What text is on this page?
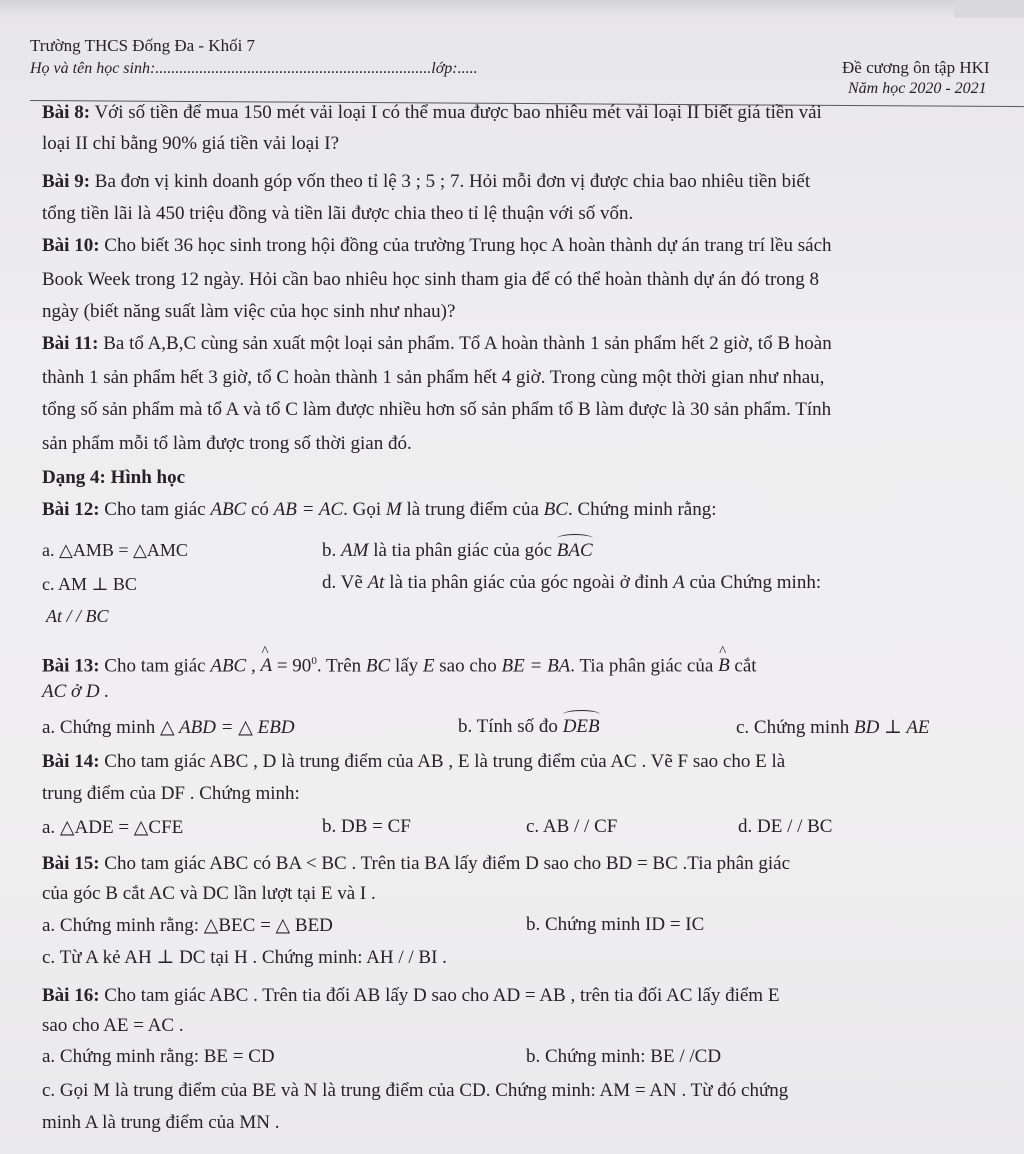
Trường THCS Đống Đa - Khối 7
Họ và tên học sinh:.....................................................................lớp:.....	Đề cương ôn tập HKI
Năm học 2020 - 2021
Bài 8: Với số tiền để mua 150 mét vải loại I có thể mua được bao nhiêu mét vải loại II biết giá tiền vải
loại II chỉ bằng 90% giá tiền vải loại I?
Bài 9: Ba đơn vị kinh doanh góp vốn theo tỉ lệ 3 ; 5 ; 7. Hỏi mỗi đơn vị được chia bao nhiêu tiền biết
tổng tiền lãi là 450 triệu đồng và tiền lãi được chia theo tỉ lệ thuận với số vốn.
Bài 10: Cho biết 36 học sinh trong hội đồng của trường Trung học A hoàn thành dự án trang trí lều sách
Book Week trong 12 ngày. Hỏi cần bao nhiêu học sinh tham gia để có thể hoàn thành dự án đó trong 8
ngày (biết năng suất làm việc của học sinh như nhau)?
Bài 11: Ba tổ A,B,C cùng sản xuất một loại sản phẩm. Tổ A hoàn thành 1 sản phẩm hết 2 giờ, tổ B hoàn
thành 1 sản phẩm hết 3 giờ, tổ C hoàn thành 1 sản phẩm hết 4 giờ. Trong cùng một thời gian như nhau,
tổng số sản phẩm mà tổ A và tổ C làm được nhiều hơn số sản phẩm tổ B làm được là 30 sản phẩm. Tính
sản phẩm mỗi tổ làm được trong số thời gian đó.
Dạng 4: Hình học
Bài 12: Cho tam giác ABC có AB = AC. Gọi M là trung điểm của BC. Chứng minh rằng:
a. △AMB = △AMC	b. AM là tia phân giác của góc BAC
c. AM ⊥ BC	d. Vẽ At là tia phân giác của góc ngoài ở đỉnh A của Chứng minh:
At / / BC
Bài 13: Cho tam giác ABC , ^ $A = 90^0$. Trên BC lấy E sao cho BE = BA. Tia phân giác của ^ B cắt
AC ở D .
a. Chứng minh △ ABD = △ EBD	b. Tính số đo DEB	c. Chứng minh BD ⊥ AE
Bài 14: Cho tam giác ABC , D là trung điểm của AB , E là trung điểm của AC . Vẽ F sao cho E là
trung điểm của DF . Chứng minh:
a. △ADE = △CFE	b. DB = CF	c. AB / / CF	d. DE / / BC
Bài 15: Cho tam giác ABC có BA < BC . Trên tia BA lấy điểm D sao cho BD = BC .Tia phân giác
của góc B cắt AC và DC lần lượt tại E và I .
a. Chứng minh rằng: △BEC = △ BED	b. Chứng minh ID = IC
c. Từ A kẻ AH ⊥ DC tại H . Chứng minh: AH / / BI .
Bài 16: Cho tam giác ABC . Trên tia đối AB lấy D sao cho AD = AB , trên tia đối AC lấy điểm E
sao cho AE = AC .
a. Chứng minh rằng: BE = CD	b. Chứng minh: BE / /CD
c. Gọi M là trung điểm của BE và N là trung điểm của CD. Chứng minh: AM = AN . Từ đó chứng
minh A là trung điểm của MN .
